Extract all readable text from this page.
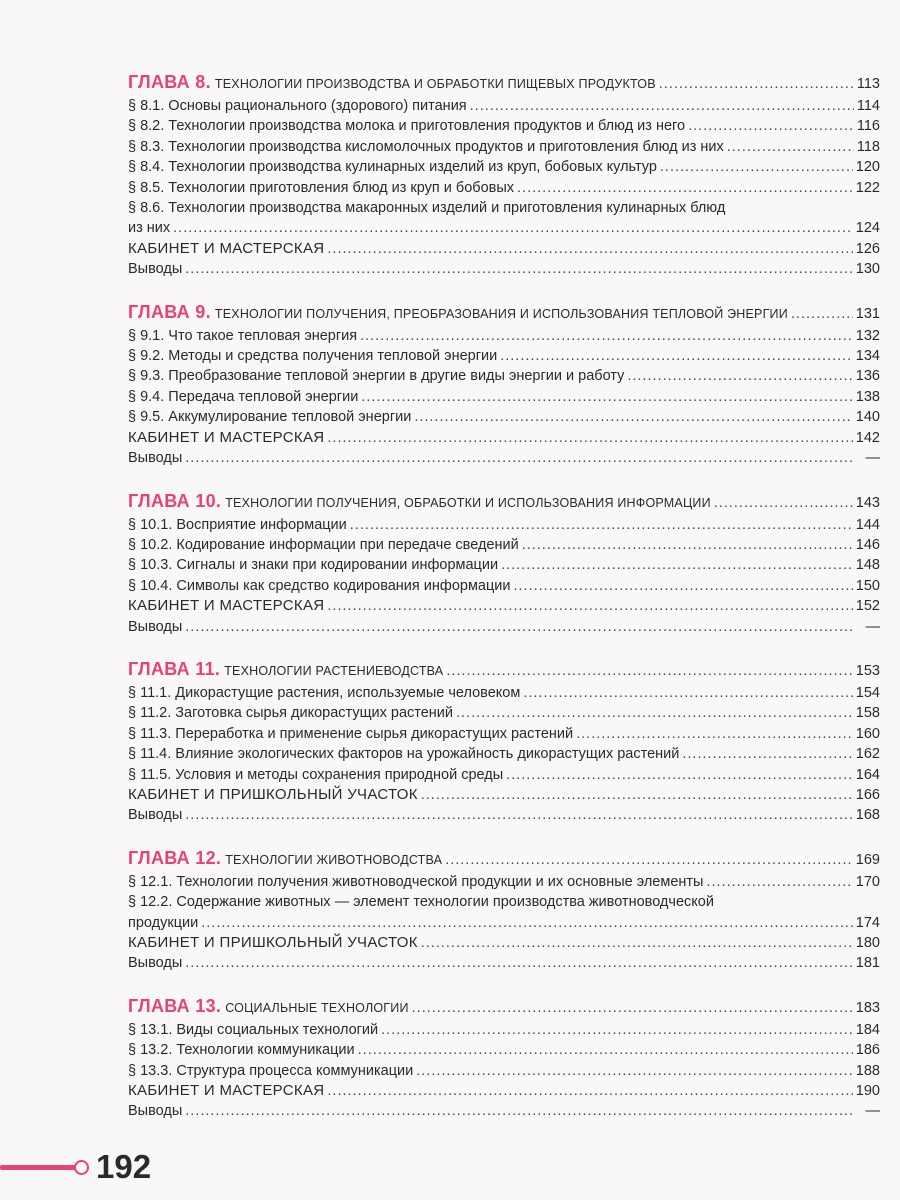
ГЛАВА 8. ТЕХНОЛОГИИ ПРОИЗВОДСТВА И ОБРАБОТКИ ПИЩЕВЫХ ПРОДУКТОВ .....	113
§ 8.1. Основы рационального (здорового) питания .....	114
§ 8.2. Технологии производства молока и приготовления продуктов и блюд из него .....	116
§ 8.3. Технологии производства кисломолочных продуктов и приготовления блюд из них .....	118
§ 8.4. Технологии производства кулинарных изделий из круп, бобовых культур .....	120
§ 8.5. Технологии приготовления блюд из круп и бобовых .....	122
§ 8.6. Технологии производства макаронных изделий и приготовления кулинарных блюд
из них .....	124
КАБИНЕТ И МАСТЕРСКАЯ .....	126
Выводы .....	130
ГЛАВА 9. ТЕХНОЛОГИИ ПОЛУЧЕНИЯ, ПРЕОБРАЗОВАНИЯ И ИСПОЛЬЗОВАНИЯ ТЕПЛОВОЙ ЭНЕРГИИ .....	131
§ 9.1. Что такое тепловая энергия .....	132
§ 9.2. Методы и средства получения тепловой энергии .....	134
§ 9.3. Преобразование тепловой энергии в другие виды энергии и работу .....	136
§ 9.4. Передача тепловой энергии .....	138
§ 9.5. Аккумулирование тепловой энергии .....	140
КАБИНЕТ И МАСТЕРСКАЯ .....	142
Выводы .....	—
ГЛАВА 10. ТЕХНОЛОГИИ ПОЛУЧЕНИЯ, ОБРАБОТКИ И ИСПОЛЬЗОВАНИЯ ИНФОРМАЦИИ .....	143
§ 10.1. Восприятие информации .....	144
§ 10.2. Кодирование информации при передаче сведений .....	146
§ 10.3. Сигналы и знаки при кодировании информации .....	148
§ 10.4. Символы как средство кодирования информации .....	150
КАБИНЕТ И МАСТЕРСКАЯ .....	152
Выводы .....	—
ГЛАВА 11. ТЕХНОЛОГИИ РАСТЕНИЕВОДСТВА .....	153
§ 11.1. Дикорастущие растения, используемые человеком .....	154
§ 11.2. Заготовка сырья дикорастущих растений .....	158
§ 11.3. Переработка и применение сырья дикорастущих растений .....	160
§ 11.4. Влияние экологических факторов на урожайность дикорастущих растений .....	162
§ 11.5. Условия и методы сохранения природной среды .....	164
КАБИНЕТ И ПРИШКОЛЬНЫЙ УЧАСТОК .....	166
Выводы .....	168
ГЛАВА 12. ТЕХНОЛОГИИ ЖИВОТНОВОДСТВА .....	169
§ 12.1. Технологии получения животноводческой продукции и их основные элементы .....	170
§ 12.2. Содержание животных — элемент технологии производства животноводческой
продукции .....	174
КАБИНЕТ И ПРИШКОЛЬНЫЙ УЧАСТОК .....	180
Выводы .....	181
ГЛАВА 13. СОЦИАЛЬНЫЕ ТЕХНОЛОГИИ .....	183
§ 13.1. Виды социальных технологий .....	184
§ 13.2. Технологии коммуникации .....	186
§ 13.3. Структура процесса коммуникации .....	188
КАБИНЕТ И МАСТЕРСКАЯ .....	190
Выводы .....	—
192
